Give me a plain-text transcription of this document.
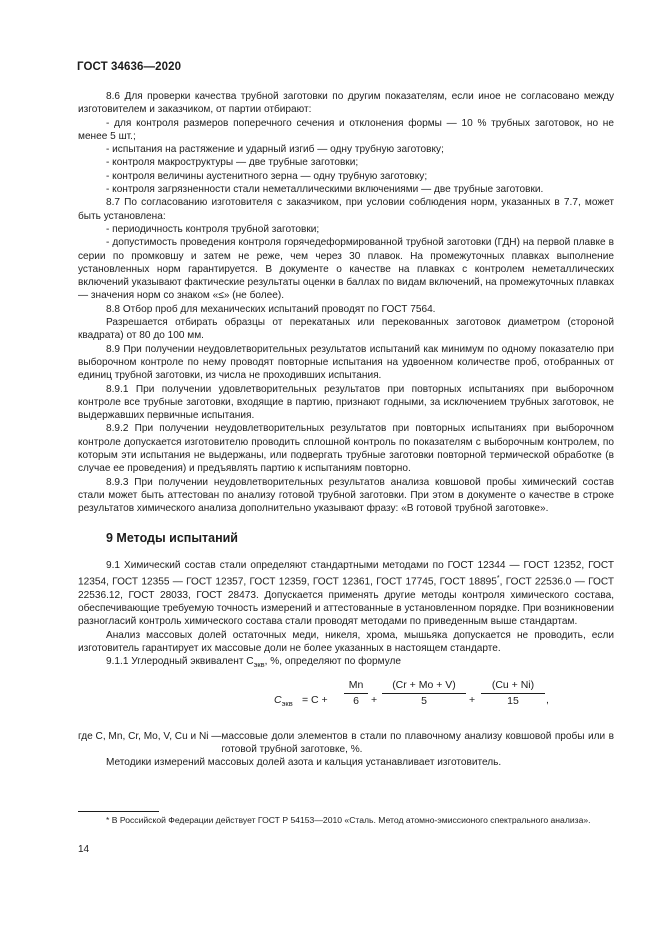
ГОСТ 34636—2020

8.6 Для проверки качества трубной заготовки по другим показателям, если иное не согласовано между изготовителем и заказчиком, от партии отбирают:

- для контроля размеров поперечного сечения и отклонения формы — 10 % трубных заготовок, но не менее 5 шт.;

- испытания на растяжение и ударный изгиб — одну трубную заготовку;

- контроля макроструктуры — две трубные заготовки;

- контроля величины аустенитного зерна — одну трубную заготовку;

- контроля загрязненности стали неметаллическими включениями — две трубные заготовки.

8.7 По согласованию изготовителя с заказчиком, при условии соблюдения норм, указанных в 7.7, может быть установлена:

- периодичность контроля трубной заготовки;

- допустимость проведения контроля горячедеформированной трубной заготовки (ГДН) на первой плавке в серии по промковшу и затем не реже, чем через 30 плавок. На промежуточных плавках выполнение установленных норм гарантируется. В документе о качестве на плавках с контролем неметаллических включений указывают фактические результаты оценки в баллах по видам включений, на промежуточных плавках — значения норм со знаком «≤» (не более).

8.8 Отбор проб для механических испытаний проводят по ГОСТ 7564.

Разрешается отбирать образцы от перекатаных или перекованных заготовок диаметром (стороной квадрата) от 80 до 100 мм.

8.9 При получении неудовлетворительных результатов испытаний как минимум по одному показателю при выборочном контроле по нему проводят повторные испытания на удвоенном количестве проб, отобранных от единиц трубной заготовки, из числа не проходивших испытания.

8.9.1 При получении удовлетворительных результатов при повторных испытаниях при выборочном контроле все трубные заготовки, входящие в партию, признают годными, за исключением трубных заготовок, не выдержавших первичные испытания.

8.9.2 При получении неудовлетворительных результатов при повторных испытаниях при выборочном контроле допускается изготовителю проводить сплошной контроль по показателям с выборочным контролем, по которым эти испытания не выдержаны, или подвергать трубные заготовки повторной термической обработке (в случае ее проведения) и предъявлять партию к испытаниям повторно.

8.9.3 При получении неудовлетворительных результатов анализа ковшовой пробы химический состав стали может быть аттестован по анализу готовой трубной заготовки. При этом в документе о качестве в строке результатов химического анализа дополнительно указывают фразу: «В готовой трубной заготовке».

9 Методы испытаний

9.1 Химический состав стали определяют стандартными методами по ГОСТ 12344 — ГОСТ 12352, ГОСТ 12354, ГОСТ 12355 — ГОСТ 12357, ГОСТ 12359, ГОСТ 12361, ГОСТ 17745, ГОСТ 18895*, ГОСТ 22536.0 — ГОСТ 22536.12, ГОСТ 28033, ГОСТ 28473. Допускается применять другие методы контроля химического состава, обеспечивающие требуемую точность измерений и аттестованные в установленном порядке. При возникновении разногласий контроль химического состава стали проводят методами по приведенным выше стандартам.

Анализ массовых долей остаточных меди, никеля, хрома, мышьяка допускается не проводить, если изготовитель гарантирует их массовые доли не более указанных в настоящем стандарте.

9.1.1 Углеродный эквивалент $C_{экв}$, %, определяют по формуле

$C_{экв} = C + \frac{Mn}{6} + \frac{(Cr + Mo + V)}{5} + \frac{(Cu + Ni)}{15}$ ,
где C, Mn, Cr, Mo, V, Cu и Ni — массовые доли элементов в стали по плавочному анализу ковшовой пробы или в готовой трубной заготовке, %.

Методики измерений массовых долей азота и кальция устанавливает изготовитель.

* В Российской Федерации действует ГОСТ Р 54153—2010 «Сталь. Метод атомно-эмиссионого спектрального анализа».
14
